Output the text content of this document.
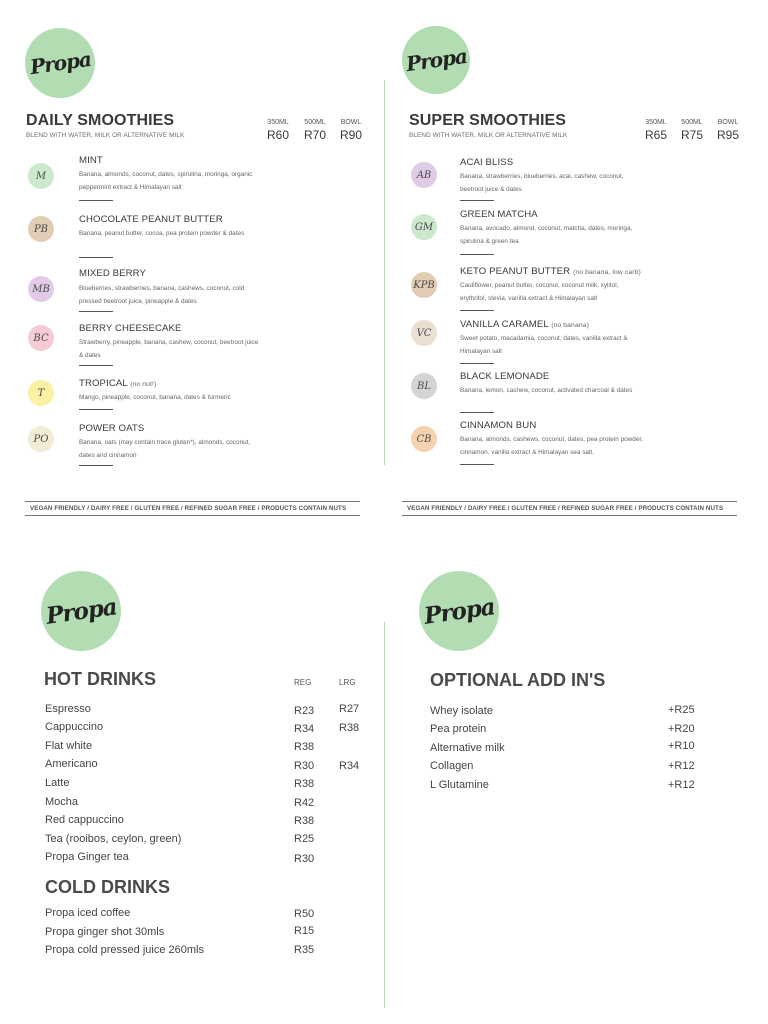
Propa
DAILY SMOOTHIES
BLEND WITH WATER, MILK OR ALTERNATIVE MILK
350ML	500ML	BOWL
R60	R70	R90
M
MINT
Banana, almonds, coconut, dates, spirulina, moringa, organic peppermint extract & Himalayan salt
PB
CHOCOLATE PEANUT BUTTER
Banana, peanut butter, cocoa, pea protein powder & dates
MB
MIXED BERRY
Blueberries, strawberries, banana, cashews, coconut, cold pressed beetroot juice, pineapple & dates
BC
BERRY CHEESECAKE
Strawberry, pineapple, banana, cashew, coconut, beetroot juice & dates
T
TROPICAL (no nut!)
Mango, pineapple, coconut, banana, dates & turmeric
PO
POWER OATS
Banana, oats (may contain trace gluten*), almonds, coconut, dates and cinnamon
VEGAN FRIENDLY / DAIRY FREE / GLUTEN FREE / REFINED SUGAR FREE / PRODUCTS CONTAIN NUTS
Propa
SUPER SMOOTHIES
BLEND WITH WATER, MILK OR ALTERNATIVE MILK
350ML	500ML	BOWL
R65	R75	R95
AB
ACAI BLISS
Banana, strawberries, blueberries, acai, cashew, coconut, beetroot juice & dates
GM
GREEN MATCHA
Banana, avocado, almond, coconut, matcha, dates, moringa, spirulina & green tea
KPB
KETO PEANUT BUTTER (no banana, low carb)
Cauliflower, peanut butter, coconut, coconut milk, xylitol, erythritol, stevia, vanilla extract & Himalayan salt
VC
VANILLA CARAMEL (no banana)
Sweet potato, macadamia, coconut, dates, vanilla extract & Himalayan salt
BL
BLACK LEMONADE
Banana, lemon, cashew, coconut, activated charcoal & dates
CB
CINNAMON BUN
Banana, almonds, cashews, coconut, dates, pea protein powder, cinnamon, vanilla extract & Himalayan sea salt.
VEGAN FRIENDLY / DAIRY FREE / GLUTEN FREE / REFINED SUGAR FREE / PRODUCTS CONTAIN NUTS
Propa
HOT DRINKS	REG	LRG
Espresso	R23 R27
Cappuccino	R34 R38
Flat white	R38
Americano	R30 R34
Latte	R38
Mocha	R42
Red cappuccino	R38
Tea (rooibos, ceylon, green)	R25
Propa Ginger tea	R30
COLD DRINKS
Propa iced coffee	R50
Propa ginger shot 30mls	R15
Propa cold pressed juice 260mls	R35
Propa
OPTIONAL ADD IN'S
Whey isolate	+R25
Pea protein	+R20
Alternative milk	+R10
Collagen	+R12
L Glutamine	+R12
